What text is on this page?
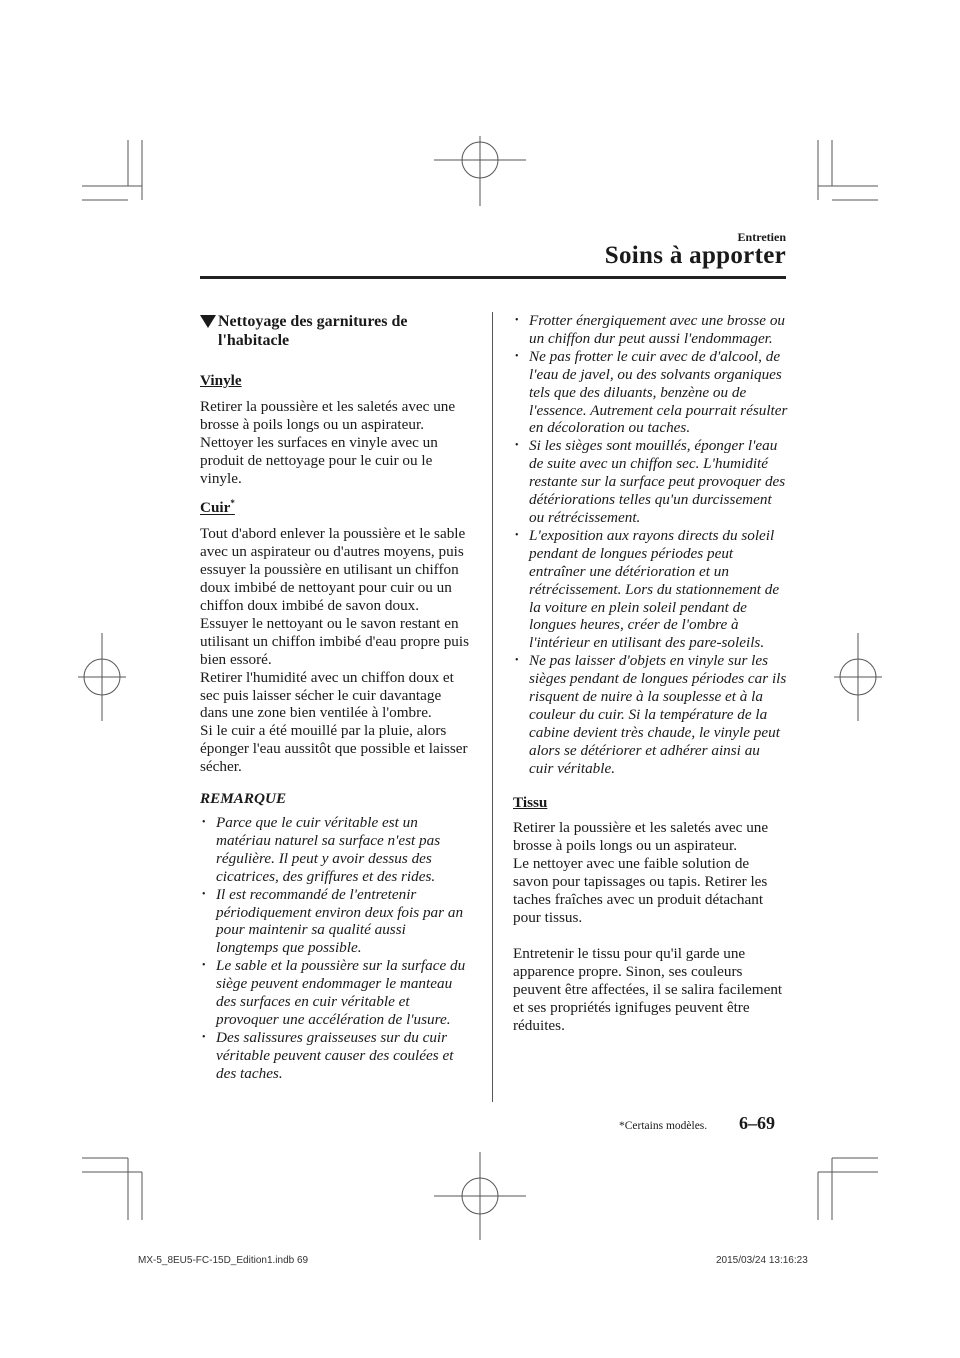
Entretien
Soins à apporter
Nettoyage des garnitures de l'habitacle

Vinyle

Retirer la poussière et les saletés avec une brosse à poils longs ou un aspirateur. Nettoyer les surfaces en vinyle avec un produit de nettoyage pour le cuir ou le vinyle.

Cuir*

Tout d'abord enlever la poussière et le sable avec un aspirateur ou d'autres moyens, puis essuyer la poussière en utilisant un chiffon doux imbibé de nettoyant pour cuir ou un chiffon doux imbibé de savon doux.
Essuyer le nettoyant ou le savon restant en utilisant un chiffon imbibé d'eau propre puis bien essoré.
Retirer l'humidité avec un chiffon doux et sec puis laisser sécher le cuir davantage dans une zone bien ventilée à l'ombre.
Si le cuir a été mouillé par la pluie, alors éponger l'eau aussitôt que possible et laisser sécher.

REMARQUE

• Parce que le cuir véritable est un matériau naturel sa surface n'est pas régulière. Il peut y avoir dessus des cicatrices, des griffures et des rides.
• Il est recommandé de l'entretenir périodiquement environ deux fois par an pour maintenir sa qualité aussi longtemps que possible.
• Le sable et la poussière sur la surface du siège peuvent endommager le manteau des surfaces en cuir véritable et provoquer une accélération de l'usure.
• Des salissures graisseuses sur du cuir véritable peuvent causer des coulées et des taches.
• Frotter énergiquement avec une brosse ou un chiffon dur peut aussi l'endommager.
• Ne pas frotter le cuir avec de d'alcool, de l'eau de javel, ou des solvants organiques tels que des diluants, benzène ou de l'essence. Autrement cela pourrait résulter en décoloration ou taches.
• Si les sièges sont mouillés, éponger l'eau de suite avec un chiffon sec. L'humidité restante sur la surface peut provoquer des détériorations telles qu'un durcissement ou rétrécissement.
• L'exposition aux rayons directs du soleil pendant de longues périodes peut entraîner une détérioration et un rétrécissement. Lors du stationnement de la voiture en plein soleil pendant de longues heures, créer de l'ombre à l'intérieur en utilisant des pare-soleils.
• Ne pas laisser d'objets en vinyle sur les sièges pendant de longues périodes car ils risquent de nuire à la souplesse et à la couleur du cuir. Si la température de la cabine devient très chaude, le vinyle peut alors se détériorer et adhérer ainsi au cuir véritable.

Tissu

Retirer la poussière et les saletés avec une brosse à poils longs ou un aspirateur.
Le nettoyer avec une faible solution de savon pour tapissages ou tapis. Retirer les taches fraîches avec un produit détachant pour tissus.
Entretenir le tissu pour qu'il garde une apparence propre. Sinon, ses couleurs peuvent être affectées, il se salira facilement et ses propriétés ignifuges peuvent être réduites.
*Certains modèles. 6–69
MX-5_8EU5-FC-15D_Edition1.indb 69	2015/03/24 13:16:23
